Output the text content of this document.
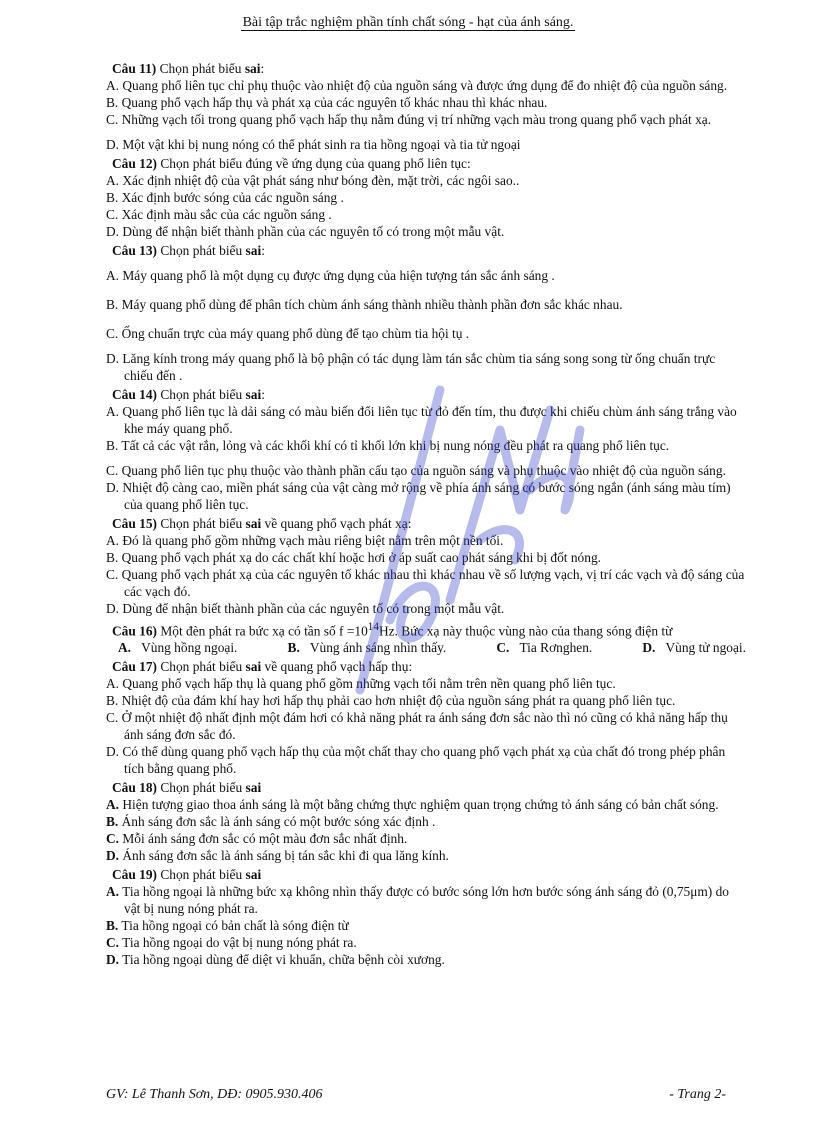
Bài tập trắc nghiệm phần tính chất sóng - hạt của ánh sáng.
Câu 11) Chọn phát biểu sai:
A. Quang phổ liên tục chỉ phụ thuộc vào nhiệt độ của nguồn sáng và được ứng dụng để đo nhiệt độ của nguồn sáng.
B. Quang phổ vạch hấp thụ và phát xạ của các nguyên tố khác nhau thì khác nhau.
C. Những vạch tối trong quang phổ vạch hấp thụ nằm đúng vị trí những vạch màu trong quang phổ vạch phát xạ.
D. Một vật khi bị nung nóng có thể phát sinh ra tia hồng ngoại và tia tử ngoại
Câu 12) Chọn phát biểu đúng về ứng dụng của quang phổ liên tục:
A. Xác định nhiệt độ của vật phát sáng như bóng đèn, mặt trời, các ngôi sao..
B. Xác định bước sóng của các nguồn sáng .
C. Xác định màu sắc của các nguồn sáng .
D. Dùng để nhận biết thành phần của các nguyên tố có trong một mẫu vật.
Câu 13) Chọn phát biểu sai:
A. Máy quang phổ là một dụng cụ được ứng dụng của hiện tượng tán sắc ánh sáng .
B. Máy quang phổ dùng để phân tích chùm ánh sáng thành nhiều thành phần đơn sắc khác nhau.
C. Ống chuẩn trực của máy quang phổ dùng để tạo chùm tia hội tụ .
D. Lăng kính trong máy quang phổ là bộ phận có tác dụng làm tán sắc chùm tia sáng song song từ ống chuẩn trực chiếu đến .
Câu 14) Chọn phát biểu sai:
A. Quang phổ liên tục là dải sáng có màu biến đổi liên tục từ đỏ đến tím, thu được khi chiếu chùm ánh sáng trắng vào khe máy quang phổ.
B. Tất cả các vật rắn, lỏng và các khối khí có tỉ khối lớn khi bị nung nóng đều phát ra quang phổ liên tục.
C. Quang phổ liên tục phụ thuộc vào thành phần cấu tạo của nguồn sáng và phụ thuộc vào nhiệt độ của nguồn sáng.
D. Nhiệt độ càng cao, miền phát sáng của vật càng mở rộng về phía ánh sáng có bước sóng ngắn (ánh sáng màu tím) của quang phổ liên tục.
Câu 15) Chọn phát biểu sai về quang phổ vạch phát xạ:
A. Đó là quang phổ gồm những vạch màu riêng biệt nằm trên một nền tối.
B. Quang phổ vạch phát xạ do các chất khí hoặc hơi ở áp suất cao phát sáng khi bị đốt nóng.
C. Quang phổ vạch phát xạ của các nguyên tố khác nhau thì khác nhau về số lượng vạch, vị trí các vạch và độ sáng của các vạch đó.
D. Dùng để nhận biết thành phần của các nguyên tố có trong một mẫu vật.
Câu 16) Một đèn phát ra bức xạ có tần số $f =10^{14}Hz$. Bức xạ này thuộc vùng nào của thang sóng điện từ
A. Vùng hồng ngoại.	B. Vùng ánh sáng nhìn thấy.	C. Tia Rơnghen.	D. Vùng tử ngoại.
Câu 17) Chọn phát biểu sai về quang phổ vạch hấp thụ:
A. Quang phổ vạch hấp thụ là quang phổ gồm những vạch tối nằm trên nền quang phổ liên tục.
B. Nhiệt độ của đám khí hay hơi hấp thụ phải cao hơn nhiệt độ của nguồn sáng phát ra quang phổ liên tục.
C. Ở một nhiệt độ nhất định một đám hơi có khả năng phát ra ánh sáng đơn sắc nào thì nó cũng có khả năng hấp thụ ánh sáng đơn sắc đó.
D. Có thể dùng quang phổ vạch hấp thụ của một chất thay cho quang phổ vạch phát xạ của chất đó trong phép phân tích bằng quang phổ.
Câu 18) Chọn phát biểu sai
A. Hiện tượng giao thoa ánh sáng là một bằng chứng thực nghiệm quan trọng chứng tỏ ánh sáng có bản chất sóng.
B. Ánh sáng đơn sắc là ánh sáng có một bước sóng xác định .
C. Mỗi ánh sáng đơn sắc có một màu đơn sắc nhất định.
D. Ánh sáng đơn sắc là ánh sáng bị tán sắc khi đi qua lăng kính.
Câu 19) Chọn phát biểu sai
A. Tia hồng ngoại là những bức xạ không nhìn thấy được có bước sóng lớn hơn bước sóng ánh sáng đỏ (0,75μm) do vật bị nung nóng phát ra.
B. Tia hồng ngoại có bản chất là sóng điện từ
C. Tia hồng ngoại do vật bị nung nóng phát ra.
D. Tia hồng ngoại dùng để diệt vi khuẩn, chữa bệnh còi xương.
GV: Lê Thanh Sơn, DĐ: 0905.930.406	- Trang 2-
